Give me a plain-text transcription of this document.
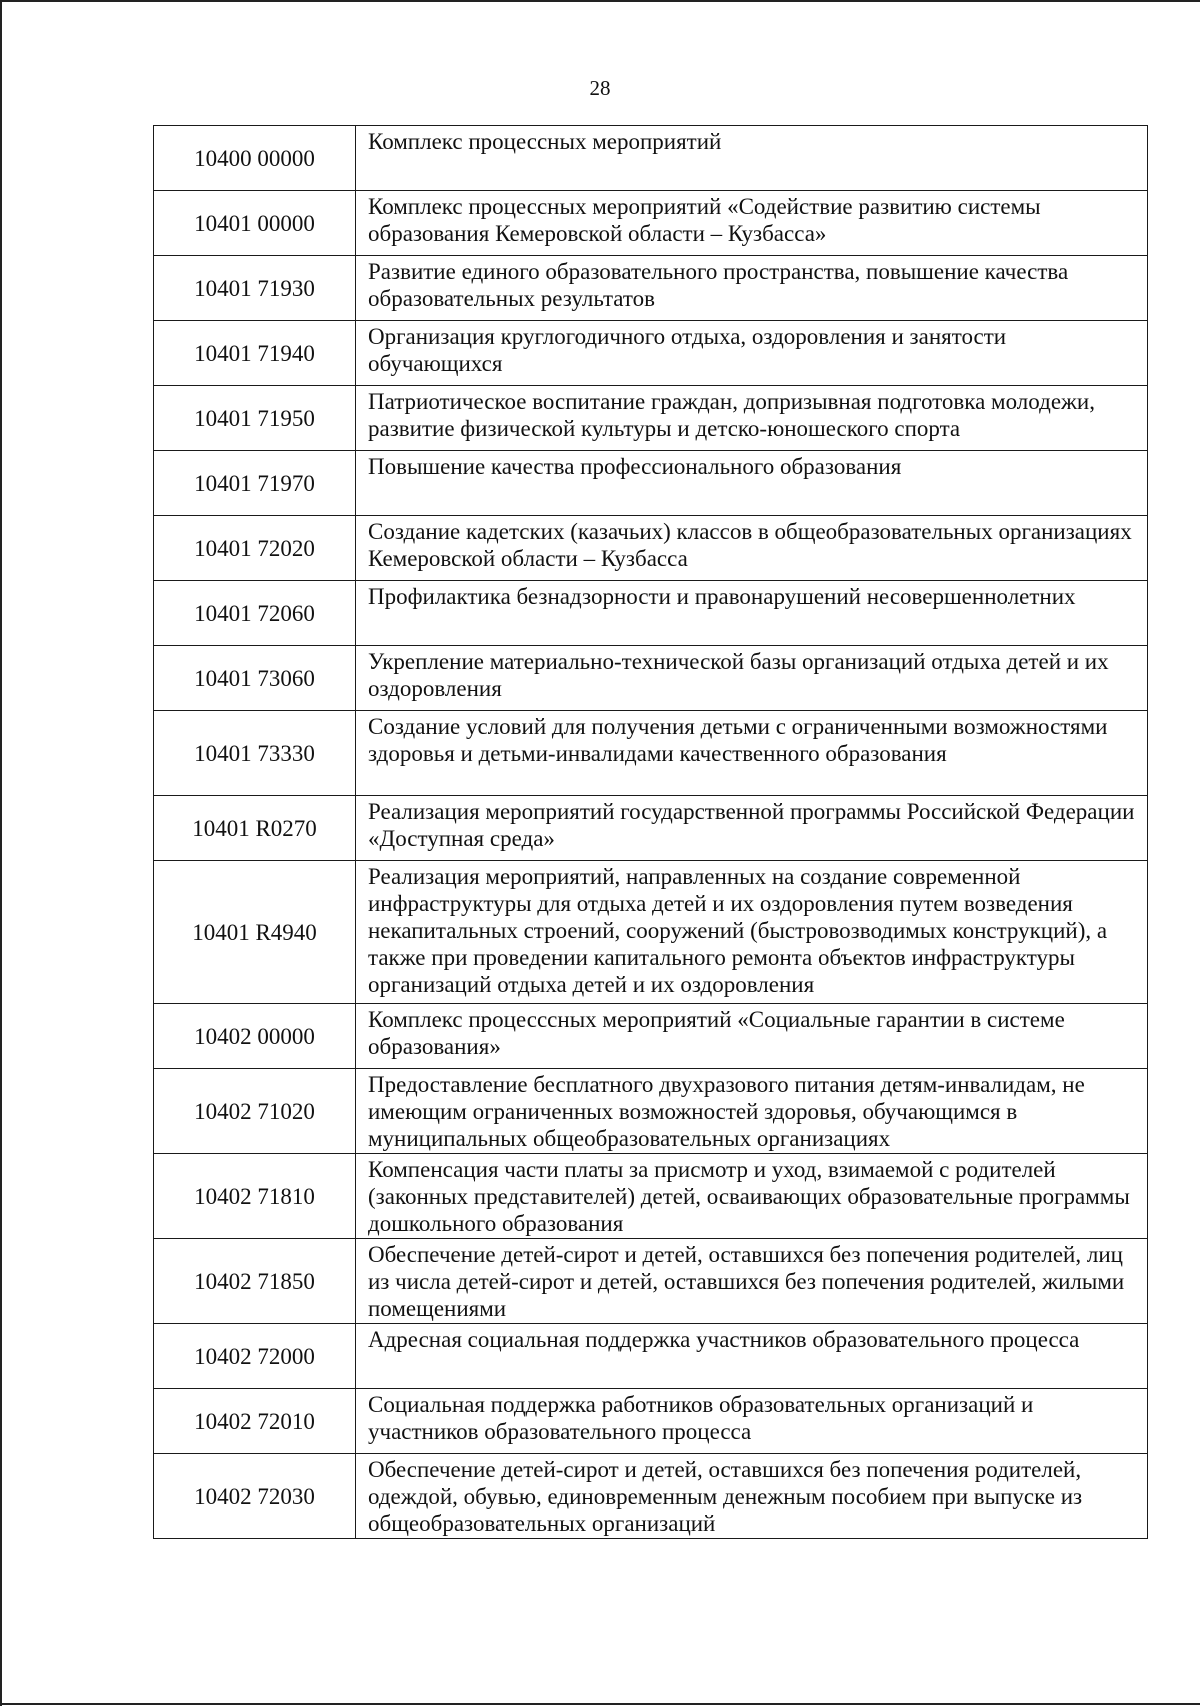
28
10400 00000	Комплекс процессных мероприятий
10401 00000	Комплекс процессных мероприятий «Содействие развитию системы образования Кемеровской области – Кузбасса»
10401 71930	Развитие единого образовательного пространства, повышение качества образовательных результатов
10401 71940	Организация круглогодичного отдыха, оздоровления и занятости обучающихся
10401 71950	Патриотическое воспитание граждан, допризывная подготовка молодежи, развитие физической культуры и детско-юношеского спорта
10401 71970	Повышение качества профессионального образования
10401 72020	Создание кадетских (казачьих) классов в общеобразовательных организациях Кемеровской области – Кузбасса
10401 72060	Профилактика безнадзорности и правонарушений несовершеннолетних
10401 73060	Укрепление материально-технической базы организаций отдыха детей и их оздоровления
10401 73330	Создание условий для получения детьми с ограниченными возможностями здоровья и детьми-инвалидами качественного образования
10401 R0270	Реализация мероприятий государственной программы Российской Федерации «Доступная среда»
10401 R4940	Реализация мероприятий, направленных на создание современной инфраструктуры для отдыха детей и их оздоровления путем возведения некапитальных строений, сооружений (быстровозводимых конструкций), а также при проведении капитального ремонта объектов инфраструктуры организаций отдыха детей и их оздоровления
10402 00000	Комплекс процесссных мероприятий «Социальные гарантии в системе образования»
10402 71020	Предоставление бесплатного двухразового питания детям-инвалидам, не имеющим ограниченных возможностей здоровья, обучающимся в муниципальных общеобразовательных организациях
10402 71810	Компенсация части платы за присмотр и уход, взимаемой с родителей (законных представителей) детей, осваивающих образовательные программы дошкольного образования
10402 71850	Обеспечение детей-сирот и детей, оставшихся без попечения родителей, лиц из числа детей-сирот и детей, оставшихся без попечения родителей, жилыми помещениями
10402 72000	Адресная социальная поддержка участников образовательного процесса
10402 72010	Социальная поддержка работников образовательных организаций и участников образовательного процесса
10402 72030	Обеспечение детей-сирот и детей, оставшихся без попечения родителей, одеждой, обувью, единовременным денежным пособием при выпуске из общеобразовательных организаций
